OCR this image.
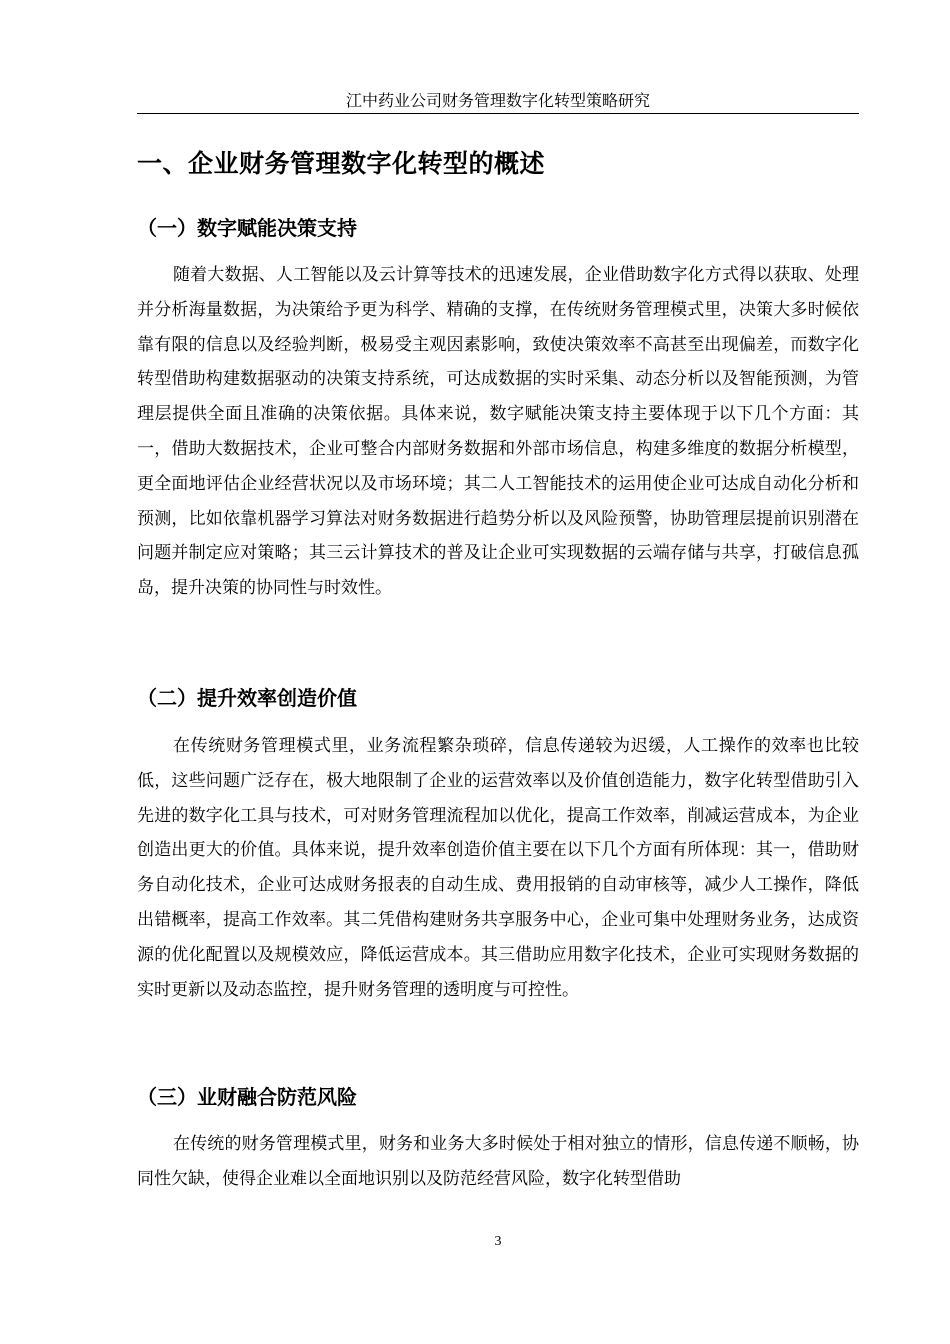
江中药业公司财务管理数字化转型策略研究
一、企业财务管理数字化转型的概述
（一）数字赋能决策支持

随着大数据、人工智能以及云计算等技术的迅速发展，企业借助数字化方式得以获取、处理并分析海量数据，为决策给予更为科学、精确的支撑，在传统财务管理模式里，决策大多时候依靠有限的信息以及经验判断，极易受主观因素影响，致使决策效率不高甚至出现偏差，而数字化转型借助构建数据驱动的决策支持系统，可达成数据的实时采集、动态分析以及智能预测，为管理层提供全面且准确的决策依据。具体来说，数字赋能决策支持主要体现于以下几个方面：其一，借助大数据技术，企业可整合内部财务数据和外部市场信息，构建多维度的数据分析模型，更全面地评估企业经营状况以及市场环境；其二人工智能技术的运用使企业可达成自动化分析和预测，比如依靠机器学习算法对财务数据进行趋势分析以及风险预警，协助管理层提前识别潜在问题并制定应对策略；其三云计算技术的普及让企业可实现数据的云端存储与共享，打破信息孤岛，提升决策的协同性与时效性。

（二）提升效率创造价值

在传统财务管理模式里，业务流程繁杂琐碎，信息传递较为迟缓，人工操作的效率也比较低，这些问题广泛存在，极大地限制了企业的运营效率以及价值创造能力，数字化转型借助引入先进的数字化工具与技术，可对财务管理流程加以优化，提高工作效率，削减运营成本，为企业创造出更大的价值。具体来说，提升效率创造价值主要在以下几个方面有所体现：其一，借助财务自动化技术，企业可达成财务报表的自动生成、费用报销的自动审核等，减少人工操作，降低出错概率，提高工作效率。其二凭借构建财务共享服务中心，企业可集中处理财务业务，达成资源的优化配置以及规模效应，降低运营成本。其三借助应用数字化技术，企业可实现财务数据的实时更新以及动态监控，提升财务管理的透明度与可控性。

（三）业财融合防范风险

在传统的财务管理模式里，财务和业务大多时候处于相对独立的情形，信息传递不顺畅，协同性欠缺，使得企业难以全面地识别以及防范经营风险，数字化转型借助

3
